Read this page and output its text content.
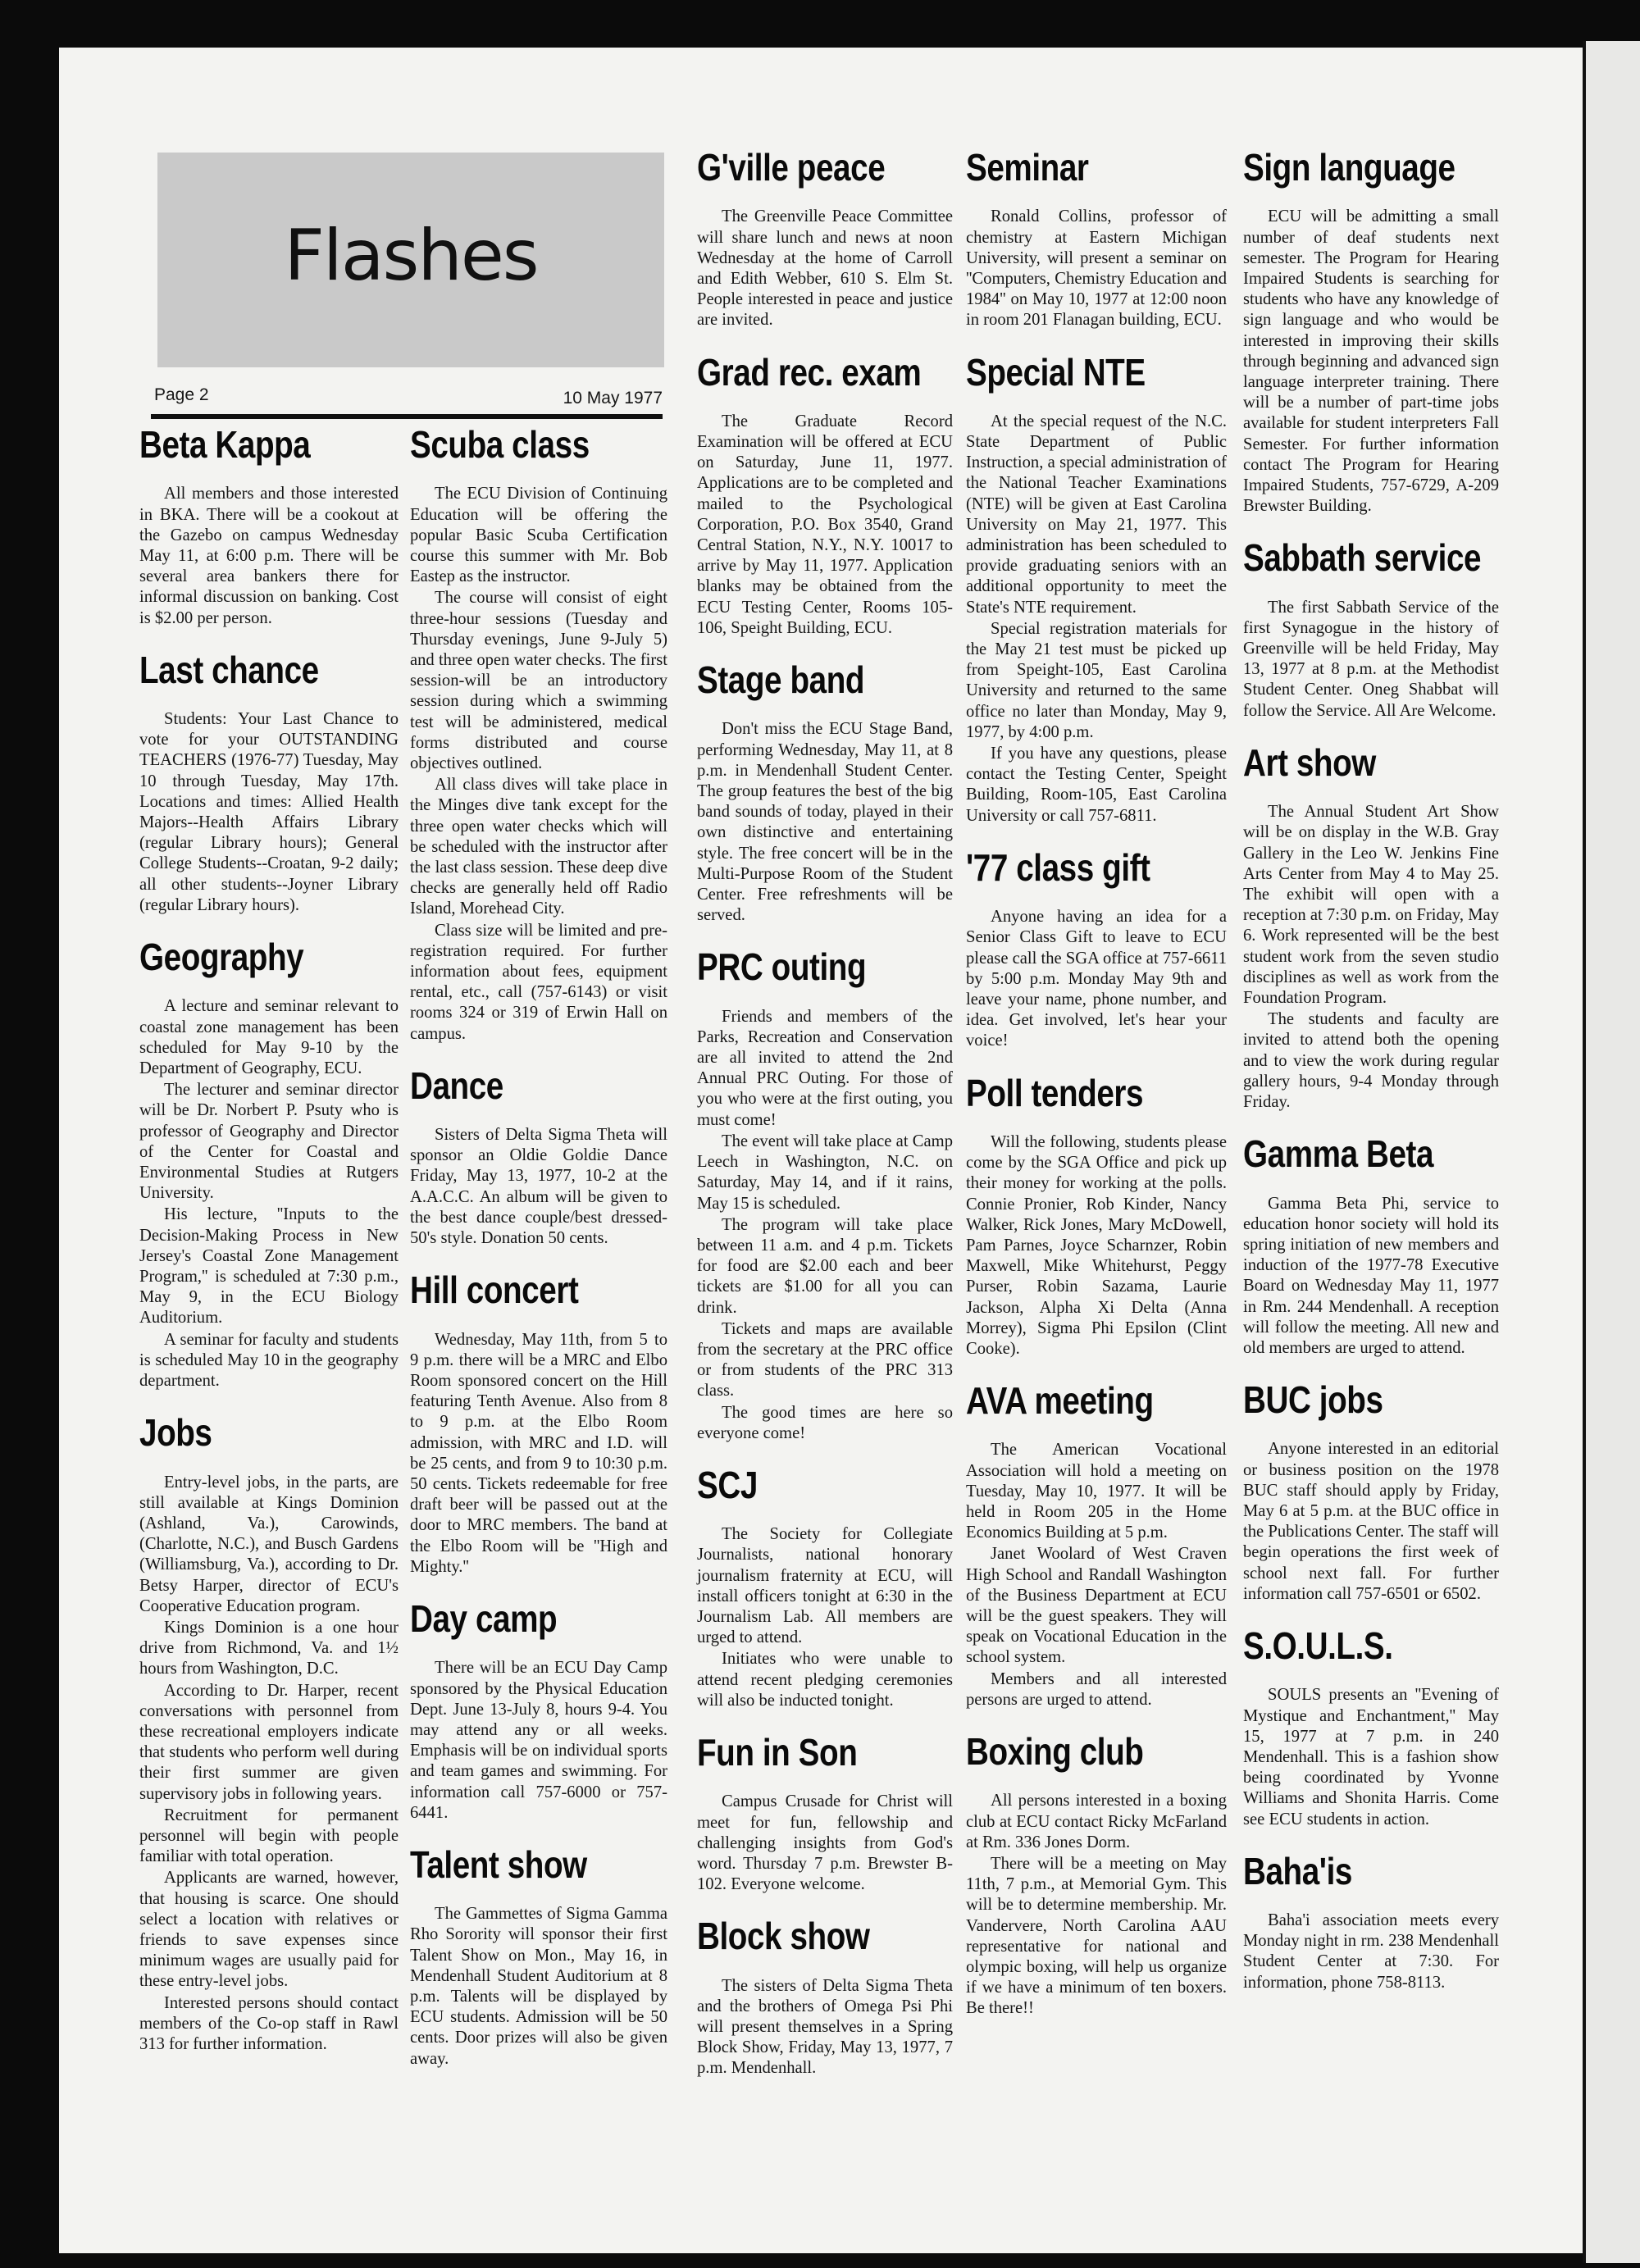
Flashes
Page 2	10 May 1977
Beta Kappa

All members and those interested in BKA. There will be a cookout at the Gazebo on campus Wednesday May 11, at 6:00 p.m. There will be several area bankers there for informal discussion on banking. Cost is $2.00 per person.

Last chance

Students: Your Last Chance to vote for your OUTSTANDING TEACHERS (1976-77) Tuesday, May 10 through Tuesday, May 17th. Locations and times: Allied Health Majors--Health Affairs Library (regular Library hours); General College Students--Croatan, 9-2 daily; all other students--Joyner Library (regular Library hours).

Geography

A lecture and seminar relevant to coastal zone management has been scheduled for May 9-10 by the Department of Geography, ECU.

The lecturer and seminar director will be Dr. Norbert P. Psuty who is professor of Geography and Director of the Center for Coastal and Environmental Studies at Rutgers University.

His lecture, ''Inputs to the Decision-Making Process in New Jersey's Coastal Zone Management Program,'' is scheduled at 7:30 p.m., May 9, in the ECU Biology Auditorium.

A seminar for faculty and students is scheduled May 10 in the geography department.

Jobs

Entry-level jobs, in the parts, are still available at Kings Dominion (Ashland, Va.), Carowinds, (Charlotte, N.C.), and Busch Gardens (Williamsburg, Va.), according to Dr. Betsy Harper, director of ECU's Cooperative Education program.

Kings Dominion is a one hour drive from Richmond, Va. and 1½ hours from Washington, D.C.

According to Dr. Harper, recent conversations with personnel from these recreational employers indicate that students who perform well during their first summer are given supervisory jobs in following years.

Recruitment for permanent personnel will begin with people familiar with total operation.

Applicants are warned, however, that housing is scarce. One should select a location with relatives or friends to save expenses since minimum wages are usually paid for these entry-level jobs.

Interested persons should contact members of the Co-op staff in Rawl 313 for further information.

Scuba class

The ECU Division of Continuing Education will be offering the popular Basic Scuba Certification course this summer with Mr. Bob Eastep as the instructor.

The course will consist of eight three-hour sessions (Tuesday and Thursday evenings, June 9-July 5) and three open water checks. The first session-will be an introductory session during which a swimming test will be administered, medical forms distributed and course objectives outlined.

All class dives will take place in the Minges dive tank except for the three open water checks which will be scheduled with the instructor after the last class session. These deep dive checks are generally held off Radio Island, Morehead City.

Class size will be limited and pre-registration required. For further information about fees, equipment rental, etc., call (757-6143) or visit rooms 324 or 319 of Erwin Hall on campus.

Dance

Sisters of Delta Sigma Theta will sponsor an Oldie Goldie Dance Friday, May 13, 1977, 10-2 at the A.A.C.C. An album will be given to the best dance couple/best dressed-50's style. Donation 50 cents.

Hill concert

Wednesday, May 11th, from 5 to 9 p.m. there will be a MRC and Elbo Room sponsored concert on the Hill featuring Tenth Avenue. Also from 8 to 9 p.m. at the Elbo Room admission, with MRC and I.D. will be 25 cents, and from 9 to 10:30 p.m. 50 cents. Tickets redeemable for free draft beer will be passed out at the door to MRC members. The band at the Elbo Room will be ''High and Mighty.''

Day camp

There will be an ECU Day Camp sponsored by the Physical Education Dept. June 13-July 8, hours 9-4. You may attend any or all weeks. Emphasis will be on individual sports and team games and swimming. For information call 757-6000 or 757-6441.

Talent show

The Gammettes of Sigma Gamma Rho Sorority will sponsor their first Talent Show on Mon., May 16, in Mendenhall Student Auditorium at 8 p.m. Talents will be displayed by ECU students. Admission will be 50 cents. Door prizes will also be given away.

G'ville peace

The Greenville Peace Committee will share lunch and news at noon Wednesday at the home of Carroll and Edith Webber, 610 S. Elm St. People interested in peace and justice are invited.

Grad rec. exam

The Graduate Record Examination will be offered at ECU on Saturday, June 11, 1977. Applications are to be completed and mailed to the Psychological Corporation, P.O. Box 3540, Grand Central Station, N.Y., N.Y. 10017 to arrive by May 11, 1977. Application blanks may be obtained from the ECU Testing Center, Rooms 105-106, Speight Building, ECU.

Stage band

Don't miss the ECU Stage Band, performing Wednesday, May 11, at 8 p.m. in Mendenhall Student Center. The group features the best of the big band sounds of today, played in their own distinctive and entertaining style. The free concert will be in the Multi-Purpose Room of the Student Center. Free refreshments will be served.

PRC outing

Friends and members of the Parks, Recreation and Conservation are all invited to attend the 2nd Annual PRC Outing. For those of you who were at the first outing, you must come!

The event will take place at Camp Leech in Washington, N.C. on Saturday, May 14, and if it rains, May 15 is scheduled.

The program will take place between 11 a.m. and 4 p.m. Tickets for food are $2.00 each and beer tickets are $1.00 for all you can drink.

Tickets and maps are available from the secretary at the PRC office or from students of the PRC 313 class.

The good times are here so everyone come!

SCJ

The Society for Collegiate Journalists, national honorary journalism fraternity at ECU, will install officers tonight at 6:30 in the Journalism Lab. All members are urged to attend.

Initiates who were unable to attend recent pledging ceremonies will also be inducted tonight.

Fun in Son

Campus Crusade for Christ will meet for fun, fellowship and challenging insights from God's word. Thursday 7 p.m. Brewster B-102. Everyone welcome.

Block show

The sisters of Delta Sigma Theta and the brothers of Omega Psi Phi will present themselves in a Spring Block Show, Friday, May 13, 1977, 7 p.m. Mendenhall.

Seminar

Ronald Collins, professor of chemistry at Eastern Michigan University, will present a seminar on ''Computers, Chemistry Education and 1984'' on May 10, 1977 at 12:00 noon in room 201 Flanagan building, ECU.

Special NTE

At the special request of the N.C. State Department of Public Instruction, a special administration of the National Teacher Examinations (NTE) will be given at East Carolina University on May 21, 1977. This administration has been scheduled to provide graduating seniors with an additional opportunity to meet the State's NTE requirement.

Special registration materials for the May 21 test must be picked up from Speight-105, East Carolina University and returned to the same office no later than Monday, May 9, 1977, by 4:00 p.m.

If you have any questions, please contact the Testing Center, Speight Building, Room-105, East Carolina University or call 757-6811.

'77 class gift

Anyone having an idea for a Senior Class Gift to leave to ECU please call the SGA office at 757-6611 by 5:00 p.m. Monday May 9th and leave your name, phone number, and idea. Get involved, let's hear your voice!

Poll tenders

Will the following, students please come by the SGA Office and pick up their money for working at the polls. Connie Pronier, Rob Kinder, Nancy Walker, Rick Jones, Mary McDowell, Pam Parnes, Joyce Scharnzer, Robin Maxwell, Mike Whitehurst, Peggy Purser, Robin Sazama, Laurie Jackson, Alpha Xi Delta (Anna Morrey), Sigma Phi Epsilon (Clint Cooke).

AVA meeting

The American Vocational Association will hold a meeting on Tuesday, May 10, 1977. It will be held in Room 205 in the Home Economics Building at 5 p.m.

Janet Woolard of West Craven High School and Randall Washington of the Business Department at ECU will be the guest speakers. They will speak on Vocational Education in the school system.

Members and all interested persons are urged to attend.

Boxing club

All persons interested in a boxing club at ECU contact Ricky McFarland at Rm. 336 Jones Dorm.

There will be a meeting on May 11th, 7 p.m., at Memorial Gym. This will be to determine membership. Mr. Vandervere, North Carolina AAU representative for national and olympic boxing, will help us organize if we have a minimum of ten boxers. Be there!!

Sign language

ECU will be admitting a small number of deaf students next semester. The Program for Hearing Impaired Students is searching for students who have any knowledge of sign language and who would be interested in improving their skills through beginning and advanced sign language interpreter training. There will be a number of part-time jobs available for student interpreters Fall Semester. For further information contact The Program for Hearing Impaired Students, 757-6729, A-209 Brewster Building.

Sabbath service

The first Sabbath Service of the first Synagogue in the history of Greenville will be held Friday, May 13, 1977 at 8 p.m. at the Methodist Student Center. Oneg Shabbat will follow the Service. All Are Welcome.

Art show

The Annual Student Art Show will be on display in the W.B. Gray Gallery in the Leo W. Jenkins Fine Arts Center from May 4 to May 25. The exhibit will open with a reception at 7:30 p.m. on Friday, May 6. Work represented will be the best student work from the seven studio disciplines as well as work from the Foundation Program.

The students and faculty are invited to attend both the opening and to view the work during regular gallery hours, 9-4 Monday through Friday.

Gamma Beta

Gamma Beta Phi, service to education honor society will hold its spring initiation of new members and induction of the 1977-78 Executive Board on Wednesday May 11, 1977 in Rm. 244 Mendenhall. A reception will follow the meeting. All new and old members are urged to attend.

BUC jobs

Anyone interested in an editorial or business position on the 1978 BUC staff should apply by Friday, May 6 at 5 p.m. at the BUC office in the Publications Center. The staff will begin operations the first week of school next fall. For further information call 757-6501 or 6502.

S.O.U.L.S.

SOULS presents an ''Evening of Mystique and Enchantment,'' May 15, 1977 at 7 p.m. in 240 Mendenhall. This is a fashion show being coordinated by Yvonne Williams and Shonita Harris. Come see ECU students in action.

Baha'is

Baha'i association meets every Monday night in rm. 238 Mendenhall Student Center at 7:30. For information, phone 758-8113.
